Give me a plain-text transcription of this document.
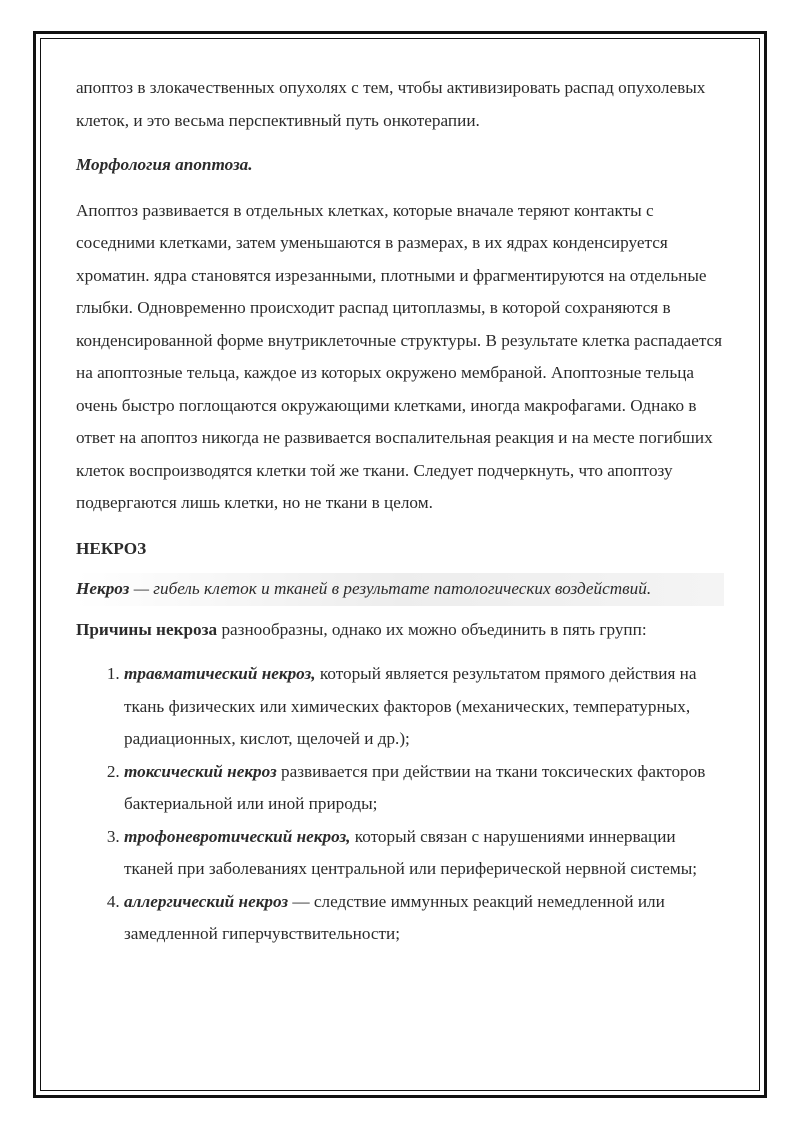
апоптоз в злокачественных опухолях с тем, чтобы активизировать распад опухолевых клеток, и это весьма перспективный путь онкотерапии.

Морфология апоптоза.

Апоптоз развивается в отдельных клетках, которые вначале теряют контакты с соседними клетками, затем уменьшаются в размерах, в их ядрах конденсируется хроматин. ядра становятся изрезанными, плотными и фрагментируются на отдельные глыбки. Одновременно происходит распад цитоплазмы, в которой сохраняются в конденсированной форме внутриклеточные структуры. В результате клетка распадается на апоптозные тельца, каждое из которых окружено мембраной. Апоптозные тельца очень быстро поглощаются окружающими клетками, иногда макрофагами. Однако в ответ на апоптоз никогда не развивается воспалительная реакция и на месте погибших клеток воспроизводятся клетки той же ткани. Следует подчеркнуть, что апоптозу подвергаются лишь клетки, но не ткани в целом.

НЕКРОЗ

Некроз — гибель клеток и тканей в результате патологических воздействий.

Причины некроза разнообразны, однако их можно объединить в пять групп:

1. травматический некроз, который является результатом прямого действия на ткань физических или химических факторов (механических, температурных, радиационных, кислот, щелочей и др.);
2. токсический некроз развивается при действии на ткани токсических факторов бактериальной или иной природы;
3. трофоневротический некроз, который связан с нарушениями иннервации тканей при заболеваниях центральной или периферической нервной системы;
4. аллергический некроз — следствие иммунных реакций немедленной или замедленной гиперчувствительности;
